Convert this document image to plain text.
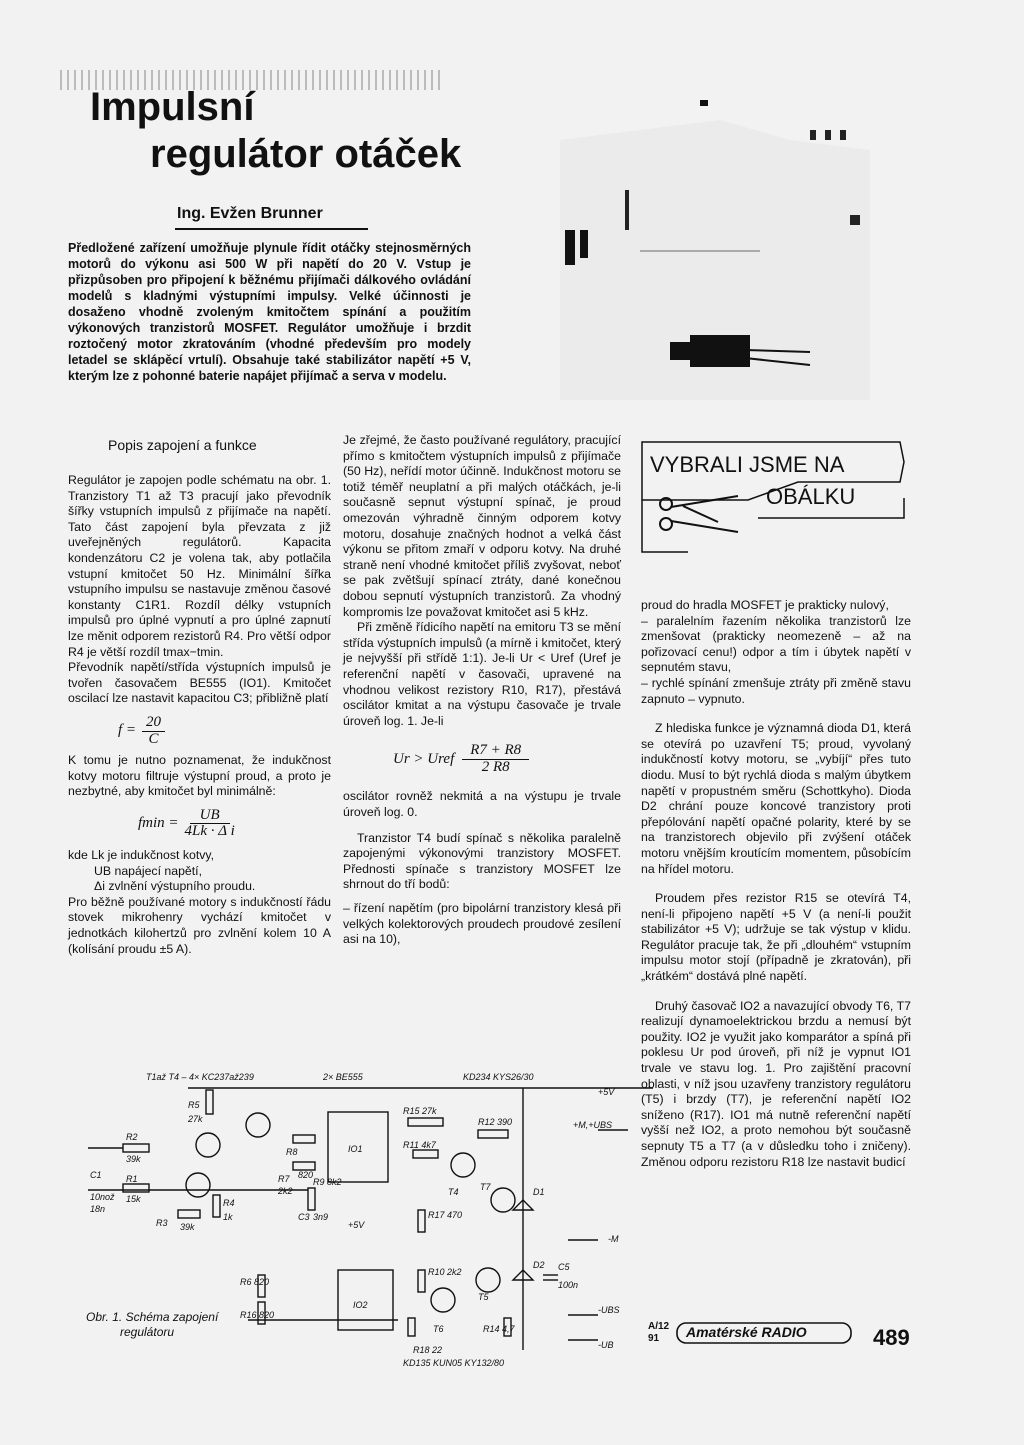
Impulsní
regulátor otáček
Ing. Evžen Brunner
Předložené zařízení umožňuje plynule řídit otáčky stejnosměrných motorů do výkonu asi 500 W při napětí do 20 V. Vstup je přizpůsoben pro připojení k běžnému přijímači dálkového ovládání modelů s kladnými výstupními impulsy. Velké účinnosti je dosaženo vhodně zvoleným kmitočtem spínání a použitím výkonových tranzistorů MOSFET. Regulátor umožňuje i brzdit roztočený motor zkratováním (vhodné především pro modely letadel se sklápěcí vrtulí). Obsahuje také stabilizátor napětí +5 V, kterým lze z pohonné baterie napájet přijímač a serva v modelu.
Popis zapojení a funkce

Regulátor je zapojen podle schématu na obr. 1. Tranzistory T1 až T3 pracují jako převodník šířky vstupních impulsů z přijímače na napětí. Tato část zapojení byla převzata z již uveřejněných regulátorů. Kapacita kondenzátoru C2 je volena tak, aby potlačila vstupní kmitočet 50 Hz. Minimální šířka vstupního impulsu se nastavuje změnou časové konstanty C1R1. Rozdíl délky vstupních impulsů pro úplné vypnutí a pro úplné zapnutí lze měnit odporem rezistorů R4. Pro větší odpor R4 je větší rozdíl tmax−tmin.

Převodník napětí/střída výstupních impulsů je tvořen časovačem BE555 (IO1). Kmitočet oscilací lze nastavit kapacitou C3; přibližně platí

$f = \frac{20}{C}$

K tomu je nutno poznamenat, že indukčnost kotvy motoru filtruje výstupní proud, a proto je nezbytné, aby kmitočet byl minimálně:

$fmin = \frac{UB}{\text{4Lk · Δ i}}$

kde Lk je indukčnost kotvy,

UB napájecí napětí,

Δi zvlnění výstupního proudu.

Pro běžně používané motory s indukčností řádu stovek mikrohenry vychází kmitočet v jednotkách kilohertzů pro zvlnění kolem 10 A (kolísání proudu ±5 A).

Je zřejmé, že často používané regulátory, pracující přímo s kmitočtem výstupních impulsů z přijímače (50 Hz), neřídí motor účinně. Indukčnost motoru se totiž téměř neuplatní a při malých otáčkách, je-li současně sepnut výstupní spínač, je proud omezován výhradně činným odporem kotvy motoru, dosahuje značných hodnot a velká část výkonu se přitom zmaří v odporu kotvy. Na druhé straně není vhodné kmitočet příliš zvyšovat, neboť se pak zvětšují spínací ztráty, dané konečnou dobou sepnutí výstupních tranzistorů. Za vhodný kompromis lze považovat kmitočet asi 5 kHz.

Při změně řídicího napětí na emitoru T3 se mění střída výstupních impulsů (a mírně i kmitočet, který je nejvyšší při střídě 1:1). Je-li Ur < Uref (Uref je referenční napětí v časovači, upravené na vhodnou velikost rezistory R10, R17), přestává oscilátor kmitat a na výstupu časovače je trvale úroveň log. 1. Je-li

Ur > Uref $\frac{R7 + R8}{2 R8}$

oscilátor rovněž nekmitá a na výstupu je trvale úroveň log. 0.

Tranzistor T4 budí spínač s několika paralelně zapojenými výkonovými tranzistory MOSFET. Přednosti spínače s tranzistory MOSFET lze shrnout do tří bodů:

– řízení napětím (pro bipolární tranzistory klesá při velkých kolektorových proudech proudové zesílení asi na 10),

VYBRALI JSME NA
OBÁLKU

proud do hradla MOSFET je prakticky nulový,

– paralelním řazením několika tranzistorů lze zmenšovat (prakticky neomezeně – až na pořizovací cenu!) odpor a tím i úbytek napětí v sepnutém stavu,

– rychlé spínání zmenšuje ztráty při změně stavu zapnuto – vypnuto.

Z hlediska funkce je významná dioda D1, která se otevírá po uzavření T5; proud, vyvolaný indukčností kotvy motoru, se „vybíjí“ přes tuto diodu. Musí to být rychlá dioda s malým úbytkem napětí v propustném směru (Schottkyho). Dioda D2 chrání pouze koncové tranzistory proti přepólování napětí opačné polarity, které by se na tranzistorech objevilo při zvýšení otáček motoru vnějším kroutícím momentem, působícím na hřídel motoru.

Proudem přes rezistor R15 se otevírá T4, není-li připojeno napětí +5 V (a není-li použit stabilizátor +5 V); udržuje se tak výstup v klidu. Regulátor pracuje tak, že při „dlouhém“ vstupním impulsu motor stojí (případně je zkratován), při „krátkém“ dostává plné napětí.

Druhý časovač IO2 a navazující obvody T6, T7 realizují dynamoelektrickou brzdu a nemusí být použity. IO2 je využit jako komparátor a spíná při poklesu Ur pod úroveň, při níž je vypnut IO1 trvale ve stavu log. 1. Pro zajištění pracovní oblasti, v níž jsou uzavřeny tranzistory regulátoru (T5) i brzdy (T7), je referenční napětí IO2 sníženo (R17). IO1 má nutně referenční napětí vyšší než IO2, a proto nemohou být současně sepnuty T5 a T7 (a v důsledku toho i zničeny). Změnou odporu rezistoru R18 lze nastavit budicí

T1až T4 – 4× KC237až239	2× BE555	KD234 KYS26/30
+5V
+M,+UBS
-M
-UBS
-UB
IO1
IO2
R5
27k
R2
39k
R1
15k
C1
10nož
18n
R3 39k
R4
1k
R8
820
R7
2k2
R9 8k2
C3 3n9
+5V
R15 27k
R11 4k7
R12 390
T4 T7	D1
D2 C5
100n
R17 470
R10 2k2
R6 820
R16 820
T5
T6
R18 22
R14 4,7
KD135 KUN05 KY132/80
Obr. 1. Schéma zapojení
regulátoru	A/12 91	Amatérské RADIO	489
